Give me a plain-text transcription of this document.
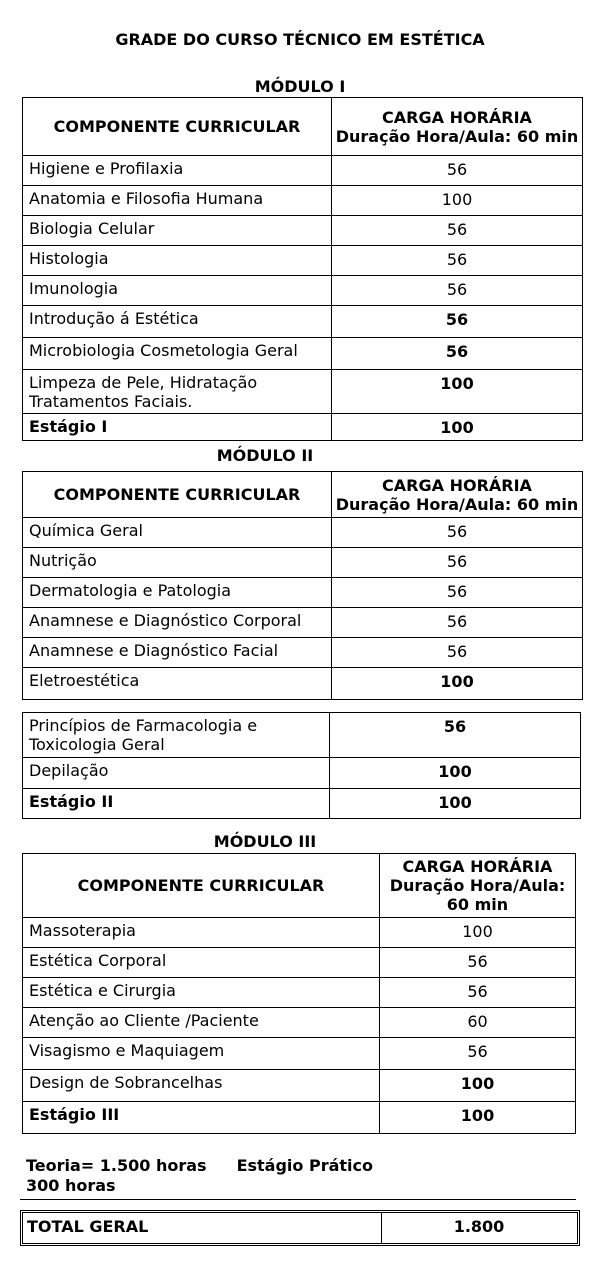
GRADE DO CURSO TÉCNICO EM ESTÉTICA
MÓDULO I
COMPONENTE CURRICULAR	CARGA HORÁRIA
Duração Hora/Aula: 60 min
Higiene e Profilaxia	56
Anatomia e Filosofia Humana	100
Biologia Celular	56
Histologia	56
Imunologia	56
Introdução á Estética	56
Microbiologia Cosmetologia Geral	56
Limpeza de Pele, Hidratação
Tratamentos Faciais.	100
Estágio I	100
MÓDULO II
COMPONENTE CURRICULAR	CARGA HORÁRIA
Duração Hora/Aula: 60 min
Química Geral	56
Nutrição	56
Dermatologia e Patologia	56
Anamnese e Diagnóstico Corporal	56
Anamnese e Diagnóstico Facial	56
Eletroestética	100
Princípios de Farmacologia e
Toxicologia Geral	56
Depilação	100
Estágio II	100
MÓDULO III
COMPONENTE CURRICULAR	CARGA HORÁRIA
Duração Hora/Aula:
60 min
Massoterapia	100
Estética Corporal	56
Estética e Cirurgia	56
Atenção ao Cliente /Paciente	60
Visagismo e Maquiagem	56
Design de Sobrancelhas	100
Estágio III	100
Teoria= 1.500 horas Estágio Prático
300 horas
TOTAL GERAL	1.800
